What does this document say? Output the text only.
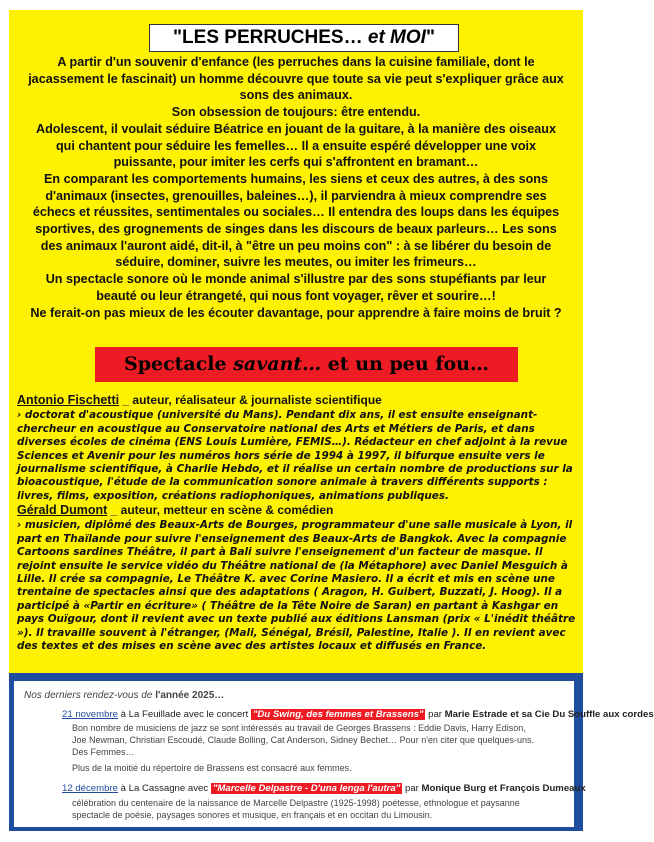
"LES PERRUCHES… et MOI"

A partir d'un souvenir d'enfance (les perruches dans la cuisine familiale, dont le

jacassement le fascinait) un homme découvre que toute sa vie peut s'expliquer grâce aux

sons des animaux.

Son obsession de toujours: être entendu.

Adolescent, il voulait séduire Béatrice en jouant de la guitare, à la manière des oiseaux

qui chantent pour séduire les femelles… Il a ensuite espéré développer une voix

puissante, pour imiter les cerfs qui s'affrontent en bramant…

En comparant les comportements humains, les siens et ceux des autres, à des sons

d'animaux (insectes, grenouilles, baleines…), il parviendra à mieux comprendre ses

échecs et réussites, sentimentales ou sociales… Il entendra des loups dans les équipes

sportives, des grognements de singes dans les discours de beaux parleurs… Les sons

des animaux l'auront aidé, dit-il, à "être un peu moins con" : à se libérer du besoin de

séduire, dominer, suivre les meutes, ou imiter les frimeurs…

Un spectacle sonore où le monde animal s'illustre par des sons stupéfiants par leur

beauté ou leur étrangeté, qui nous font voyager, rêver et sourire…!

Ne ferait-on pas mieux de les écouter davantage, pour apprendre à faire moins de bruit ?

Spectacle savant… et un peu fou…
Antonio Fischetti _ auteur, réalisateur & journaliste scientifique

› doctorat d'acoustique (université du Mans). Pendant dix ans, il est ensuite enseignant-chercheur en acoustique au Conservatoire national des Arts et Métiers de Paris, et dans diverses écoles de cinéma (ENS Louis Lumière, FEMIS…). Rédacteur en chef adjoint à la revue Sciences et Avenir pour les numéros hors série de 1994 à 1997, il bifurque ensuite vers le journalisme scientifique, à Charlie Hebdo, et il réalise un certain nombre de productions sur la bioacoustique, l'étude de la communication sonore animale à travers différents supports : livres, films, exposition, créations radiophoniques, animations publiques.

Gérald Dumont _ auteur, metteur en scène & comédien

› musicien, diplômé des Beaux-Arts de Bourges, programmateur d'une salle musicale à Lyon, il part en Thaïlande pour suivre l'enseignement des Beaux-Arts de Bangkok. Avec la compagnie Cartoons sardines Théâtre, il part à Bali suivre l'enseignement d'un facteur de masque. Il rejoint ensuite le service vidéo du Théâtre national de (la Métaphore) avec Daniel Mesguich à Lille. Il crée sa compagnie, Le Théâtre K. avec Corine Masiero. Il a écrit et mis en scène une trentaine de spectacles ainsi que des adaptations ( Aragon, H. Guibert, Buzzati, J. Hoog). Il a participé à «Partir en écriture» ( Théâtre de la Tête Noire de Saran) en partant à Kashgar en pays Ouïgour, dont il revient avec un texte publié aux éditions Lansman (prix « L'inédit théâtre »). Il travaille souvent à l'étranger, (Mali, Sénégal, Brésil, Palestine, Italie ). Il en revient avec des textes et des mises en scène avec des artistes locaux et diffusés en France.

Nos derniers rendez-vous de l'année 2025…
21 novembre à La Feuillade avec le concert "Du Swing, des femmes et Brassens" par Marie Estrade et sa Cie Du Souffle aux cordes
Bon nombre de musiciens de jazz se sont intéressés au travail de Georges Brassens : Eddie Davis, Harry Edison,
Joe Newman, Christian Escoudé, Claude Bolling, Cat Anderson, Sidney Bechet… Pour n'en citer que quelques-uns.
Des Femmes…
Plus de la moitié du répertoire de Brassens est consacré aux femmes.
12 décembre à La Cassagne avec "Marcelle Delpastre - D'una lenga l'autra" par Monique Burg et François Dumeaux
célébration du centenaire de la naissance de Marcelle Delpastre (1925-1998) poétesse, ethnologue et paysanne
spectacle de poésie, paysages sonores et musique, en français et en occitan du Limousin.
